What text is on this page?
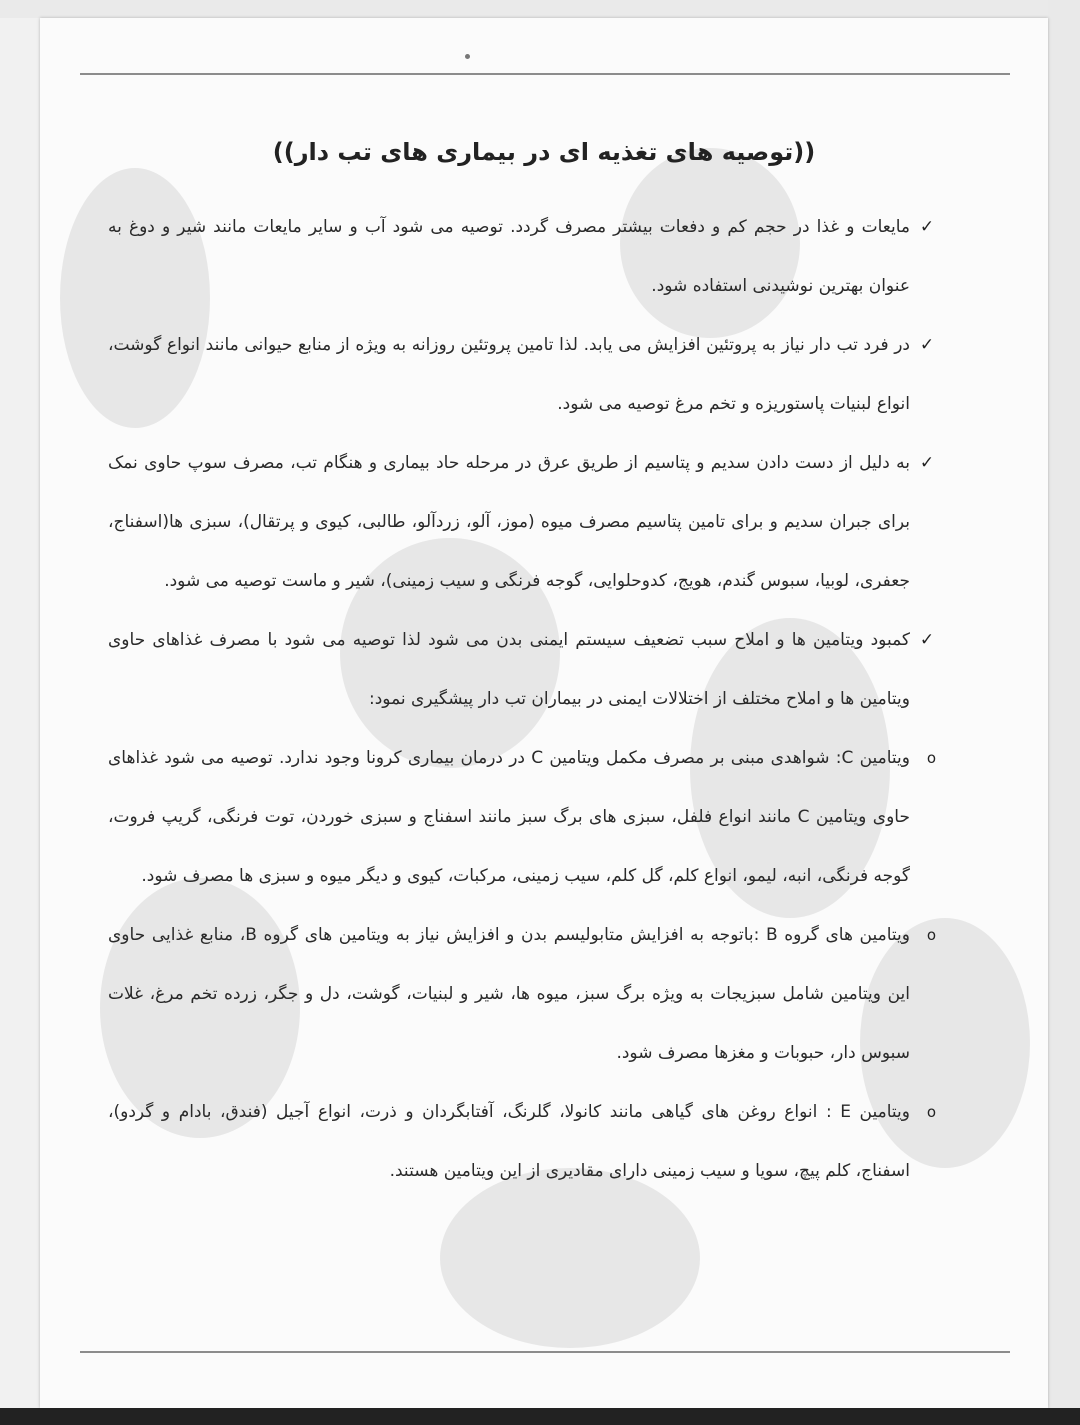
((توصیه های تغذیه ای در بیماری های تب دار))

✓
مایعات و غذا در حجم کم و دفعات بیشتر مصرف گردد. توصیه می شود آب و سایر مایعات مانند شیر و دوغ به عنوان بهترین نوشیدنی استفاده شود.

✓
در فرد تب دار نیاز به پروتئین افزایش می یابد. لذا تامین پروتئین روزانه به ویژه از منابع حیوانی مانند انواع گوشت، انواع لبنیات پاستوریزه و تخم مرغ توصیه می شود.

✓
به دلیل از دست دادن سدیم و پتاسیم از طریق عرق در مرحله حاد بیماری و هنگام تب، مصرف سوپ حاوی نمک برای جبران سدیم و برای تامین پتاسیم مصرف میوه (موز، آلو، زردآلو، طالبی، کیوی و پرتقال)، سبزی ها(اسفناج، جعفری، لوبیا، سبوس گندم، هویج، کدوحلوایی، گوجه فرنگی و سیب زمینی)، شیر و ماست توصیه می شود.

✓
کمبود ویتامین ها و املاح سبب تضعیف سیستم ایمنی بدن می شود لذا توصیه می شود با مصرف غذاهای حاوی ویتامین ها و املاح مختلف از اختلالات ایمنی در بیماران تب دار پیشگیری نمود:

o
ویتامین C: شواهدی مبنی بر مصرف مکمل ویتامین C در درمان بیماری کرونا وجود ندارد. توصیه می شود غذاهای حاوی ویتامین C مانند انواع فلفل، سبزی های برگ سبز مانند اسفناج و سبزی خوردن، توت فرنگی، گریپ فروت، گوجه فرنگی، انبه، لیمو، انواع کلم، گل کلم، سیب زمینی، مرکبات، کیوی و دیگر میوه و سبزی ها مصرف شود.

o
ویتامین های گروه B :باتوجه به افزایش متابولیسم بدن و افزایش نیاز به ویتامین های گروه B، منابع غذایی حاوی این ویتامین شامل سبزیجات به ویژه برگ سبز، میوه ها، شیر و لبنیات، گوشت، دل و جگر، زرده تخم مرغ، غلات سبوس دار، حبوبات و مغزها مصرف شود.

o
ویتامین E : انواع روغن های گیاهی مانند کانولا، گلرنگ، آفتابگردان و ذرت، انواع آجیل (فندق، بادام و گردو)، اسفناج، کلم پیچ، سویا و سیب زمینی دارای مقادیری از این ویتامین هستند.
